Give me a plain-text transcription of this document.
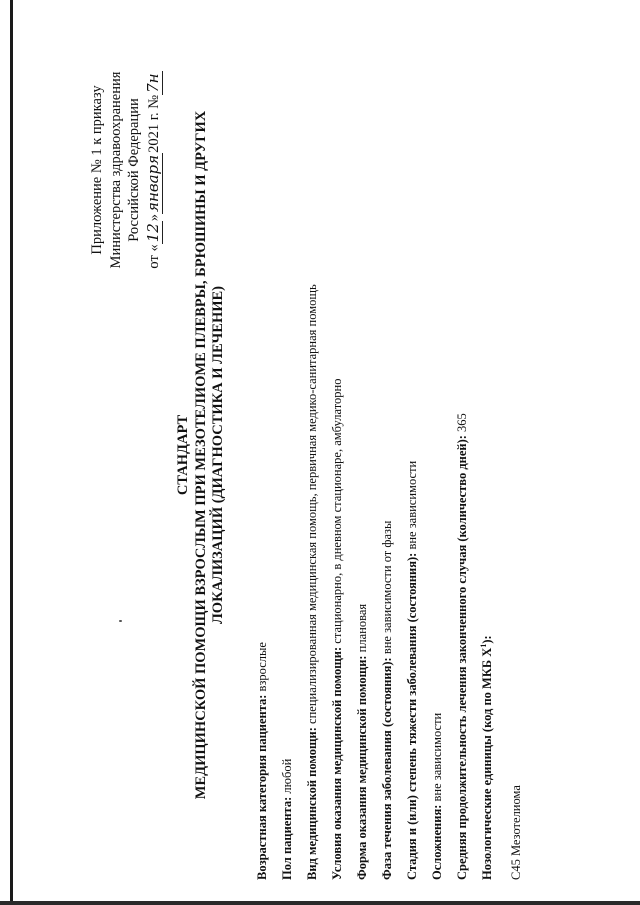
Приложение № 1 к приказу Министерства здравоохранения Российской Федерации
от «12»января2021 г. №7н
СТАНДАРТ МЕДИЦИНСКОЙ ПОМОЩИ ВЗРОСЛЫМ ПРИ МЕЗОТЕЛИОМЕ ПЛЕВРЫ, БРЮШИНЫ И ДРУГИХ ЛОКАЛИЗАЦИЙ (ДИАГНОСТИКА И ЛЕЧЕНИЕ)
Возрастная категория пациента: взрослые
Пол пациента: любой Вид медицинской помощи: специализированная медицинская помощь, первичная медико-санитарная помощь
Условия оказания медицинской помощи: стационарно, в дневном стационаре, амбулаторно
Форма оказания медицинской помощи: плановая
Фаза течения заболевания (состояния): вне зависимости от фазы Стадия и (или) степень тяжести заболевания (состояния): вне зависимости
Осложнения: вне зависимости Средняя продолжительность лечения законченного случая (количество дней): 365
Нозологические единицы (код по МКБ $Х^1$):
C45 Мезотелиома
